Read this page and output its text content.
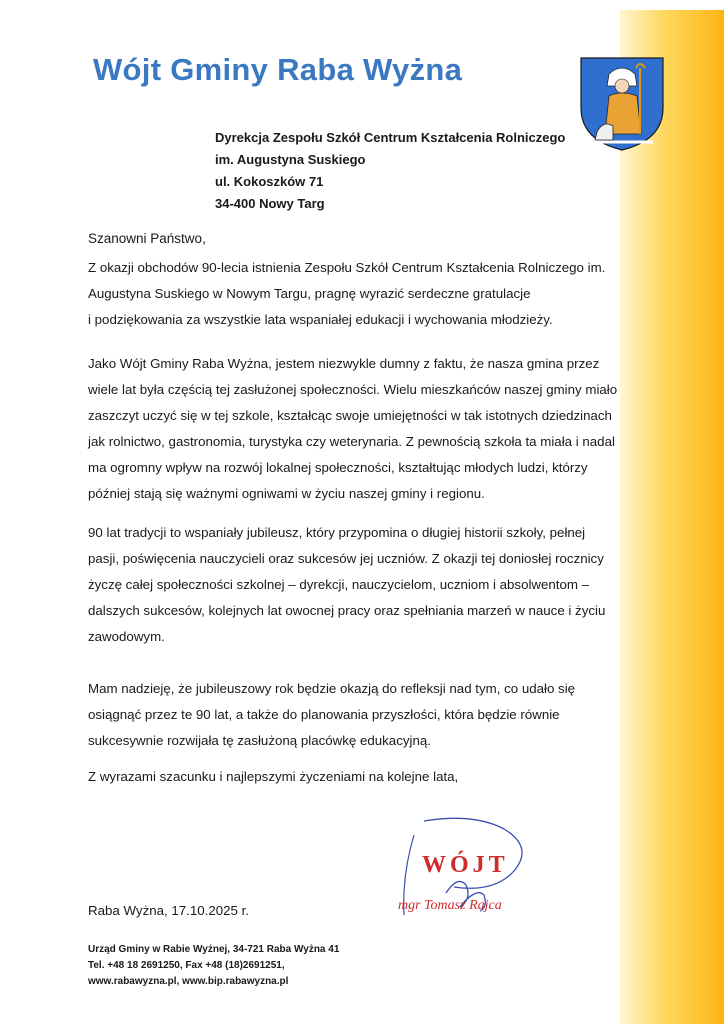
Wójt Gminy Raba Wyżna
Dyrekcja Zespołu Szkół Centrum Kształcenia Rolniczego
im. Augustyna Suskiego
ul. Kokoszków 71
34-400 Nowy Targ
Szanowni Państwo,
Z okazji obchodów 90-lecia istnienia Zespołu Szkół Centrum Kształcenia Rolniczego im.
Augustyna Suskiego w Nowym Targu, pragnę wyrazić serdeczne gratulacje
i podziękowania za wszystkie lata wspaniałej edukacji i wychowania młodzieży.
Jako Wójt Gminy Raba Wyżna, jestem niezwykle dumny z faktu, że nasza gmina przez
wiele lat była częścią tej zasłużonej społeczności. Wielu mieszkańców naszej gminy miało
zaszczyt uczyć się w tej szkole, kształcąc swoje umiejętności w tak istotnych dziedzinach
jak rolnictwo, gastronomia, turystyka czy weterynaria. Z pewnością szkoła ta miała i nadal
ma ogromny wpływ na rozwój lokalnej społeczności, kształtując młodych ludzi, którzy
później stają się ważnymi ogniwami w życiu naszej gminy i regionu.
90 lat tradycji to wspaniały jubileusz, który przypomina o długiej historii szkoły, pełnej
pasji, poświęcenia nauczycieli oraz sukcesów jej uczniów. Z okazji tej doniosłej rocznicy
życzę całej społeczności szkolnej – dyrekcji, nauczycielom, uczniom i absolwentom –
dalszych sukcesów, kolejnych lat owocnej pracy oraz spełniania marzeń w nauce i życiu
zawodowym.
Mam nadzieję, że jubileuszowy rok będzie okazją do refleksji nad tym, co udało się
osiągnąć przez te 90 lat, a także do planowania przyszłości, która będzie równie
sukcesywnie rozwijała tę zasłużoną placówkę edukacyjną.
Z wyrazami szacunku i najlepszymi życzeniami na kolejne lata,
WÓJT
mgr Tomasz Rajca
Raba Wyżna, 17.10.2025 r.
Urząd Gminy w Rabie Wyżnej, 34-721 Raba Wyżna 41
Tel. +48 18 2691250, Fax +48 (18)2691251,
www.rabawyzna.pl, www.bip.rabawyzna.pl
